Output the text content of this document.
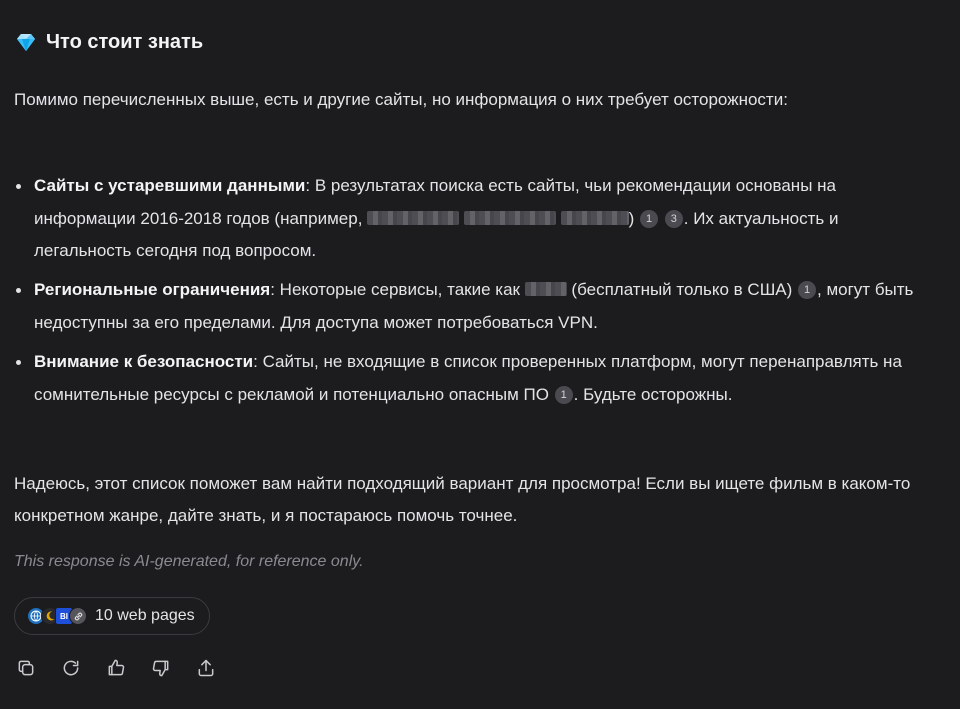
Что стоит знать
Помимо перечисленных выше, есть и другие сайты, но информация о них требует осторожности:
Сайты с устаревшими данными: В результатах поиска есть сайты, чьи рекомендации основаны на информации 2016-2018 годов (например,	) 1 3 . Их актуальность и легальность сегодня под вопросом.
Региональные ограничения: Некоторые сервисы, такие как  (бесплатный только в США) 1 , могут быть недоступны за его пределами. Для доступа может потребоваться VPN.
Внимание к безопасности: Сайты, не входящие в список проверенных платформ, могут перенаправлять на сомнительные ресурсы с рекламой и потенциально опасным ПО 1 . Будьте осторожны.
Надеюсь, этот список поможет вам найти подходящий вариант для просмотра! Если вы ищете фильм в каком-то конкретном жанре, дайте знать, и я постараюсь помочь точнее.
This response is AI-generated, for reference only.
BI	10 web pages
